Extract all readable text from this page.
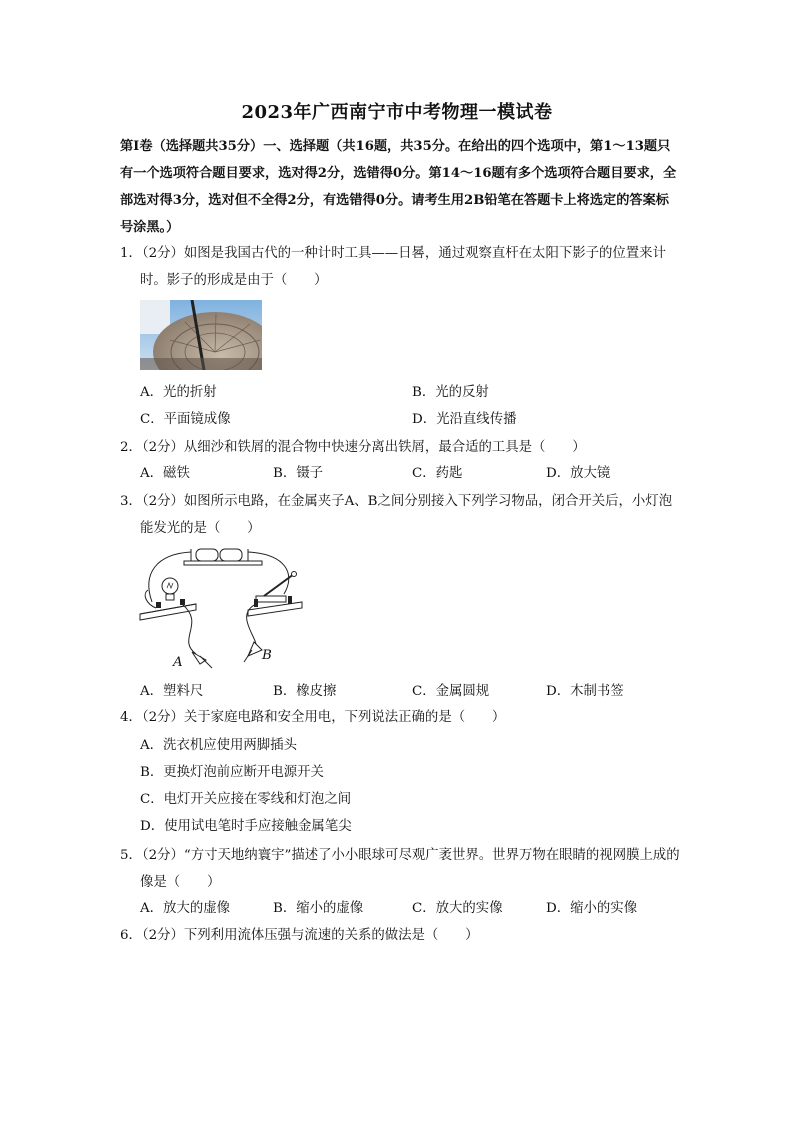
2023年广西南宁市中考物理一模试卷
第Ⅰ卷（选择题共35分）一、选择题（共16题，共35分。在给出的四个选项中，第1～13题只有一个选项符合题目要求，选对得2分，选错得0分。第14～16题有多个选项符合题目要求，全部选对得3分，选对但不全得2分，有选错得0分。请考生用2B铅笔在答题卡上将选定的答案标号涂黑。）
1．（2分）如图是我国古代的一种计时工具——日晷，通过观察直杆在太阳下影子的位置来计时。影子的形成是由于（　　）
A．光的折射	B．光的反射
C．平面镜成像	D．光沿直线传播
2．（2分）从细沙和铁屑的混合物中快速分离出铁屑，最合适的工具是（　　）
A．磁铁	B．镊子	C．药匙	D．放大镜
3．（2分）如图所示电路，在金属夹子A、B之间分别接入下列学习物品，闭合开关后，小灯泡能发光的是（　　）
A	B
A．塑料尺	B．橡皮擦	C．金属圆规	D．木制书签
4．（2分）关于家庭电路和安全用电，下列说法正确的是（　　）
A．洗衣机应使用两脚插头
B．更换灯泡前应断开电源开关
C．电灯开关应接在零线和灯泡之间
D．使用试电笔时手应接触金属笔尖
5．（2分）“方寸天地纳寰宇”描述了小小眼球可尽观广袤世界。世界万物在眼睛的视网膜上成的像是（　　）
A．放大的虚像	B．缩小的虚像	C．放大的实像	D．缩小的实像
6．（2分）下列利用流体压强与流速的关系的做法是（　　）
